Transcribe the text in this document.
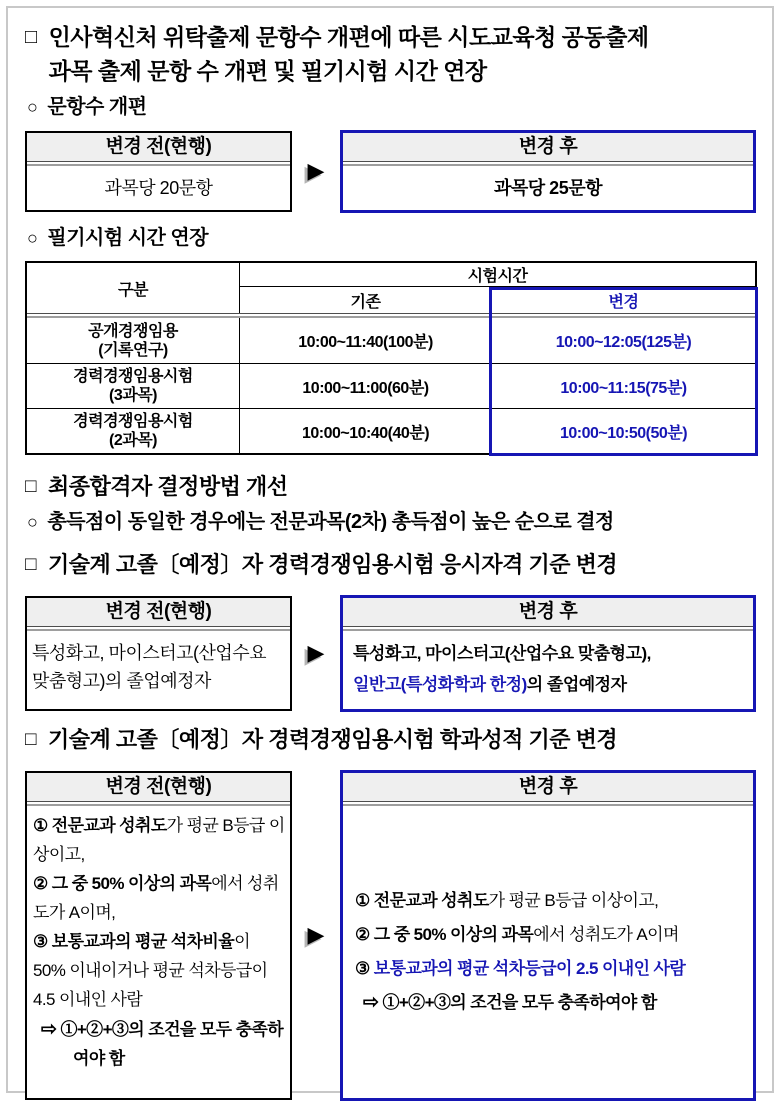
□ 인사혁신처 위탁출제 문항수 개편에 따른 시도교육청 공동출제
과목 출제 문항 수 개편 및 필기시험 시간 연장
○ 문항수 개편
변경 전(현행)
과목당 20문항
▶
변경 후
과목당 25문항
○ 필기시험 시간 연장
구분
시험시간
기존	변경
공개경쟁임용
(기록연구)	10:00~11:40(100분)	10:00~12:05(125분)
경력경쟁임용시험
(3과목)	10:00~11:00(60분)	10:00~11:15(75분)
경력경쟁임용시험
(2과목)	10:00~10:40(40분)	10:00~10:50(50분)
□ 최종합격자 결정방법 개선
○ 총득점이 동일한 경우에는 전문과목(2차) 총득점이 높은 순으로 결정
□ 기술계 고졸〔예정〕자 경력경쟁임용시험 응시자격 기준 변경
변경 전(현행)
특성화고, 마이스터고(산업수요 맞춤형고)의 졸업예정자
▶
변경 후
특성화고, 마이스터고(산업수요 맞춤형고),
일반고(특성화학과 한정)의 졸업예정자
□ 기술계 고졸〔예정〕자 경력경쟁임용시험 학과성적 기준 변경
변경 전(현행)
① 전문교과 성취도가 평균 B등급 이상이고,
② 그 중 50% 이상의 과목에서 성취도가 A이며,
③ 보통교과의 평균 석차비율이 50% 이내이거나 평균 석차등급이 4.5 이내인 사람
⇨ ①+②+③의 조건을 모두 충족하여야 함
▶
변경 후
① 전문교과 성취도가 평균 B등급 이상이고,
② 그 중 50% 이상의 과목에서 성취도가 A이며
③ 보통교과의 평균 석차등급이 2.5 이내인 사람
⇨ ①+②+③의 조건을 모두 충족하여야 함
